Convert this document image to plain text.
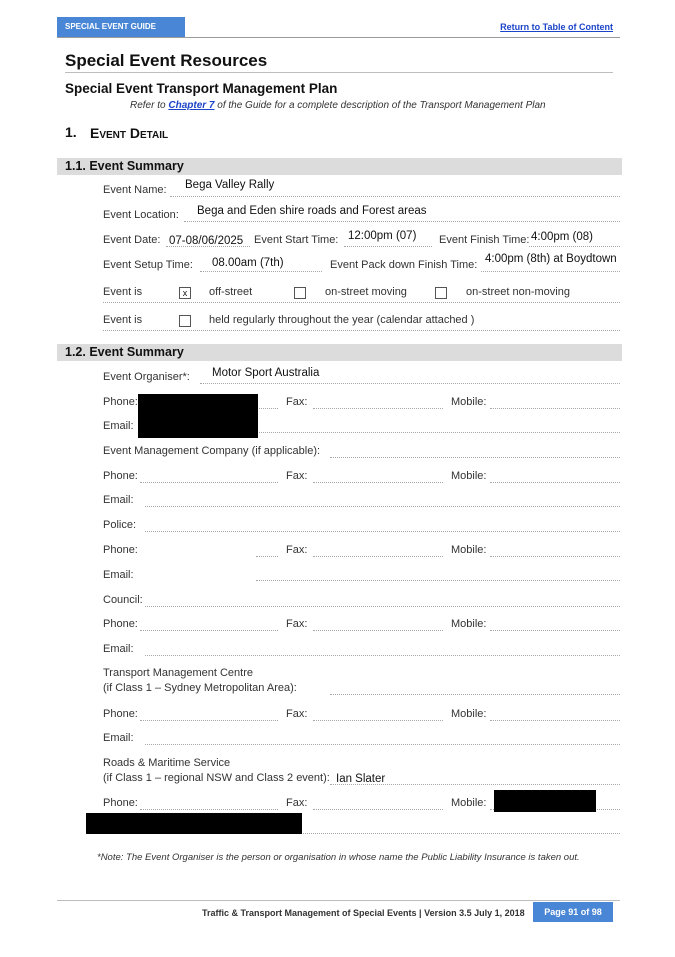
SPECIAL EVENT GUIDE	Return to Table of Content
Special Event Resources
Special Event Transport Management Plan
Refer to Chapter 7 of the Guide for a complete description of the Transport Management Plan
1. Event Detail
1.1. Event Summary
Event Name: Bega Valley Rally
Event Location: Bega and Eden shire roads and Forest areas
Event Date: 07-08/06/2025 Event Start Time: 12:00pm (07) Event Finish Time: 4:00pm (08)
Event Setup Time: 08.00am (7th)	Event Pack down Finish Time: 4:00pm (8th) at Boydtown
Event is	x	off-street	on-street moving	on-street non-moving
Event is	held regularly throughout the year (calendar attached )
1.2. Event Summary
Event Organiser*: Motor Sport Australia
Phone:	Fax:	Mobile:
Email:
Event Management Company (if applicable):
Phone:	Fax:	Mobile:
Email:
Police:
Phone:	Fax:	Mobile:
Email:
Council:
Phone:	Fax:	Mobile:
Email:
Transport Management Centre
(if Class 1 – Sydney Metropolitan Area):
Phone:	Fax:	Mobile:
Email:
Roads & Maritime Service
(if Class 1 – regional NSW and Class 2 event): Ian Slater
Phone:	Fax:	Mobile:
*Note: The Event Organiser is the person or organisation in whose name the Public Liability Insurance is taken out.
Traffic & Transport Management of Special Events | Version 3.5 July 1, 2018	Page 91 of 98
